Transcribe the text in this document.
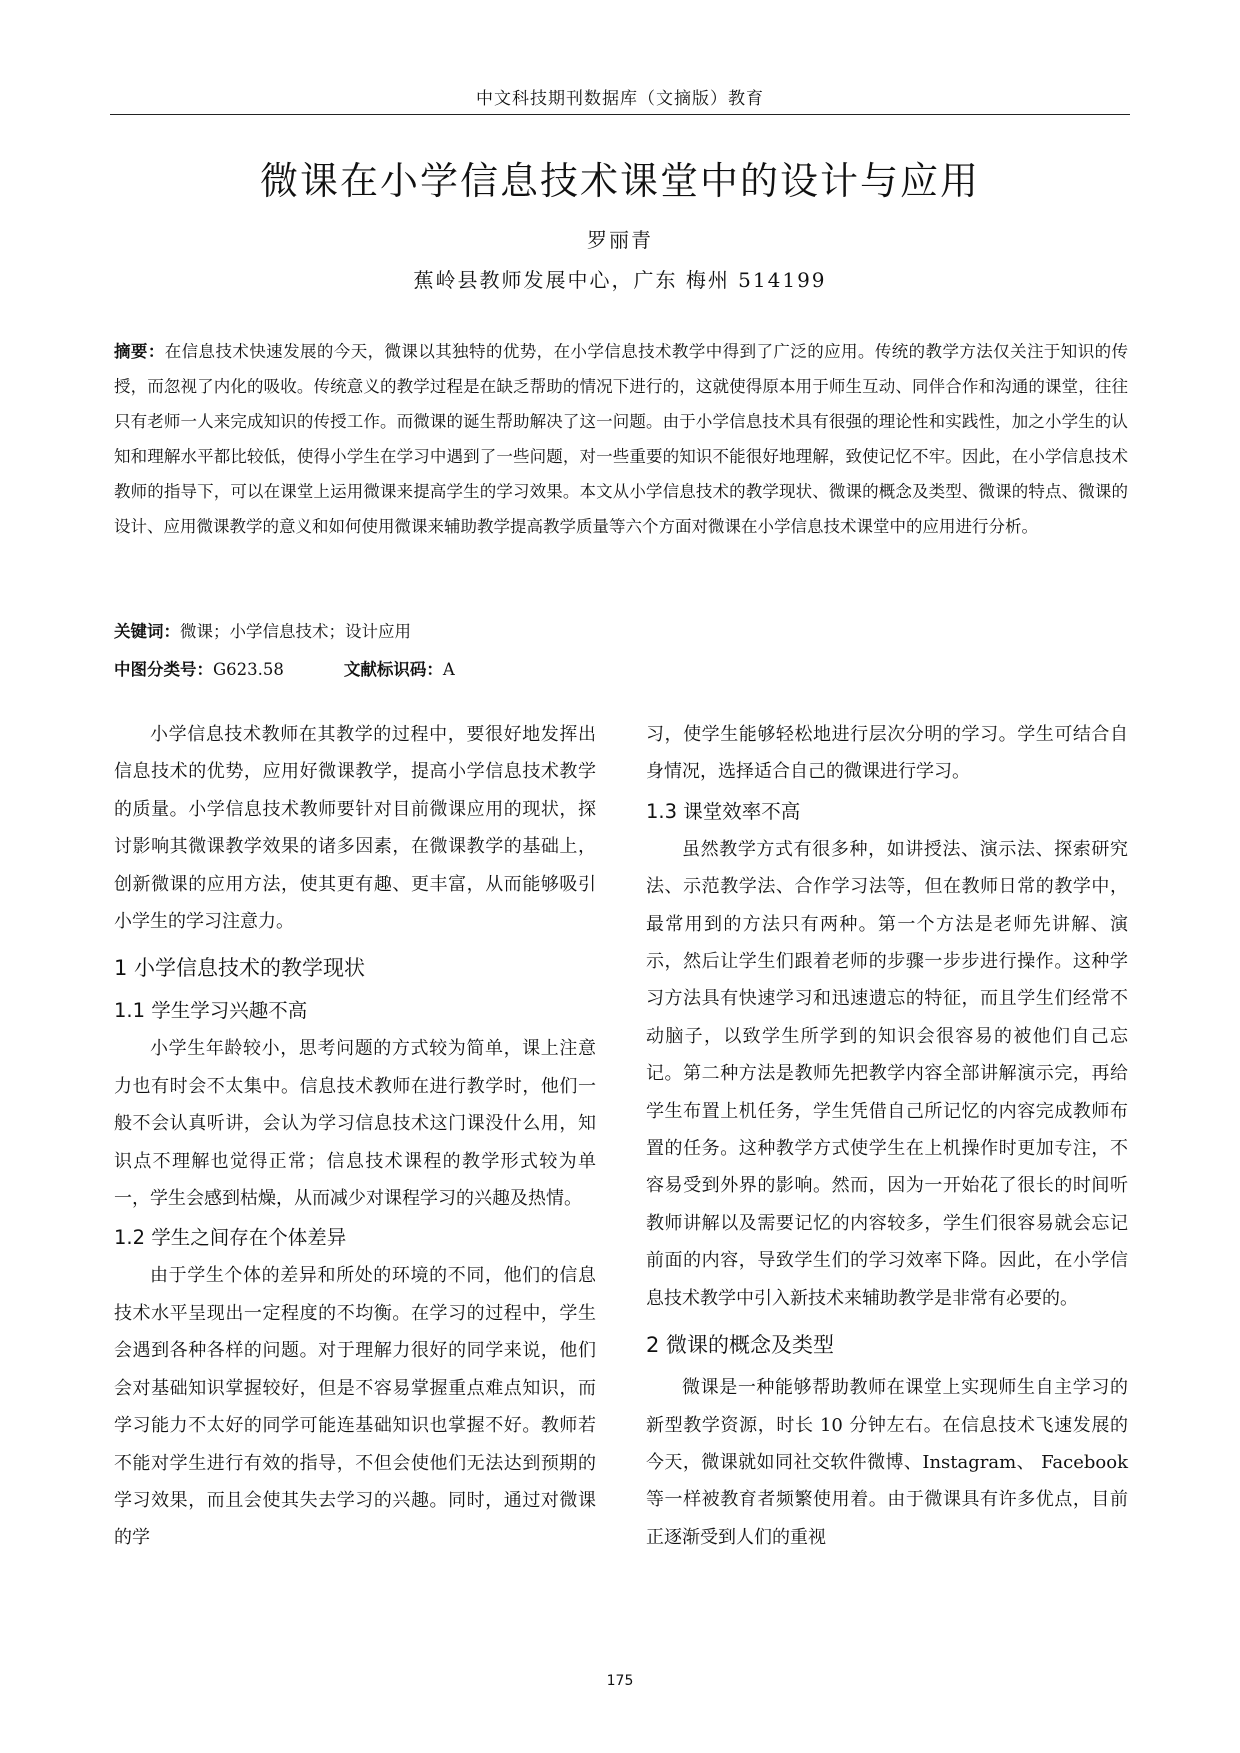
中文科技期刊数据库（文摘版）教育
微课在小学信息技术课堂中的设计与应用
罗丽青
蕉岭县教师发展中心，广东 梅州 514199
摘要：在信息技术快速发展的今天，微课以其独特的优势，在小学信息技术教学中得到了广泛的应用。传统的教学方法仅关注于知识的传授，而忽视了内化的吸收。传统意义的教学过程是在缺乏帮助的情况下进行的，这就使得原本用于师生互动、同伴合作和沟通的课堂，往往只有老师一人来完成知识的传授工作。而微课的诞生帮助解决了这一问题。由于小学信息技术具有很强的理论性和实践性，加之小学生的认知和理解水平都比较低，使得小学生在学习中遇到了一些问题，对一些重要的知识不能很好地理解，致使记忆不牢。因此，在小学信息技术教师的指导下，可以在课堂上运用微课来提高学生的学习效果。本文从小学信息技术的教学现状、微课的概念及类型、微课的特点、微课的设计、应用微课教学的意义和如何使用微课来辅助教学提高教学质量等六个方面对微课在小学信息技术课堂中的应用进行分析。
关键词：微课；小学信息技术；设计应用
中图分类号：G623.58	文献标识码：A

小学信息技术教师在其教学的过程中，要很好地发挥出信息技术的优势，应用好微课教学，提高小学信息技术教学的质量。小学信息技术教师要针对目前微课应用的现状，探讨影响其微课教学效果的诸多因素，在微课教学的基础上，创新微课的应用方法，使其更有趣、更丰富，从而能够吸引小学生的学习注意力。

1 小学信息技术的教学现状
1.1 学生学习兴趣不高

小学生年龄较小，思考问题的方式较为简单，课上注意力也有时会不太集中。信息技术教师在进行教学时，他们一般不会认真听讲，会认为学习信息技术这门课没什么用，知识点不理解也觉得正常；信息技术课程的教学形式较为单一，学生会感到枯燥，从而减少对课程学习的兴趣及热情。

1.2 学生之间存在个体差异

由于学生个体的差异和所处的环境的不同，他们的信息技术水平呈现出一定程度的不均衡。在学习的过程中，学生会遇到各种各样的问题。对于理解力很好的同学来说，他们会对基础知识掌握较好，但是不容易掌握重点难点知识，而学习能力不太好的同学可能连基础知识也掌握不好。教师若不能对学生进行有效的指导，不但会使他们无法达到预期的学习效果，而且会使其失去学习的兴趣。同时，通过对微课的学

习，使学生能够轻松地进行层次分明的学习。学生可结合自身情况，选择适合自己的微课进行学习。

1.3 课堂效率不高

虽然教学方式有很多种，如讲授法、演示法、探索研究法、示范教学法、合作学习法等，但在教师日常的教学中，最常用到的方法只有两种。第一个方法是老师先讲解、演示，然后让学生们跟着老师的步骤一步步进行操作。这种学习方法具有快速学习和迅速遗忘的特征，而且学生们经常不动脑子，以致学生所学到的知识会很容易的被他们自己忘记。第二种方法是教师先把教学内容全部讲解演示完，再给学生布置上机任务，学生凭借自己所记忆的内容完成教师布置的任务。这种教学方式使学生在上机操作时更加专注，不容易受到外界的影响。然而，因为一开始花了很长的时间听教师讲解以及需要记忆的内容较多，学生们很容易就会忘记前面的内容，导致学生们的学习效率下降。因此，在小学信息技术教学中引入新技术来辅助教学是非常有必要的。

2 微课的概念及类型

微课是一种能够帮助教师在课堂上实现师生自主学习的新型教学资源，时长 10 分钟左右。在信息技术飞速发展的今天，微课就如同社交软件微博、Instagram、 Facebook 等一样被教育者频繁使用着。由于微课具有许多优点，目前正逐渐受到人们的重视

175
